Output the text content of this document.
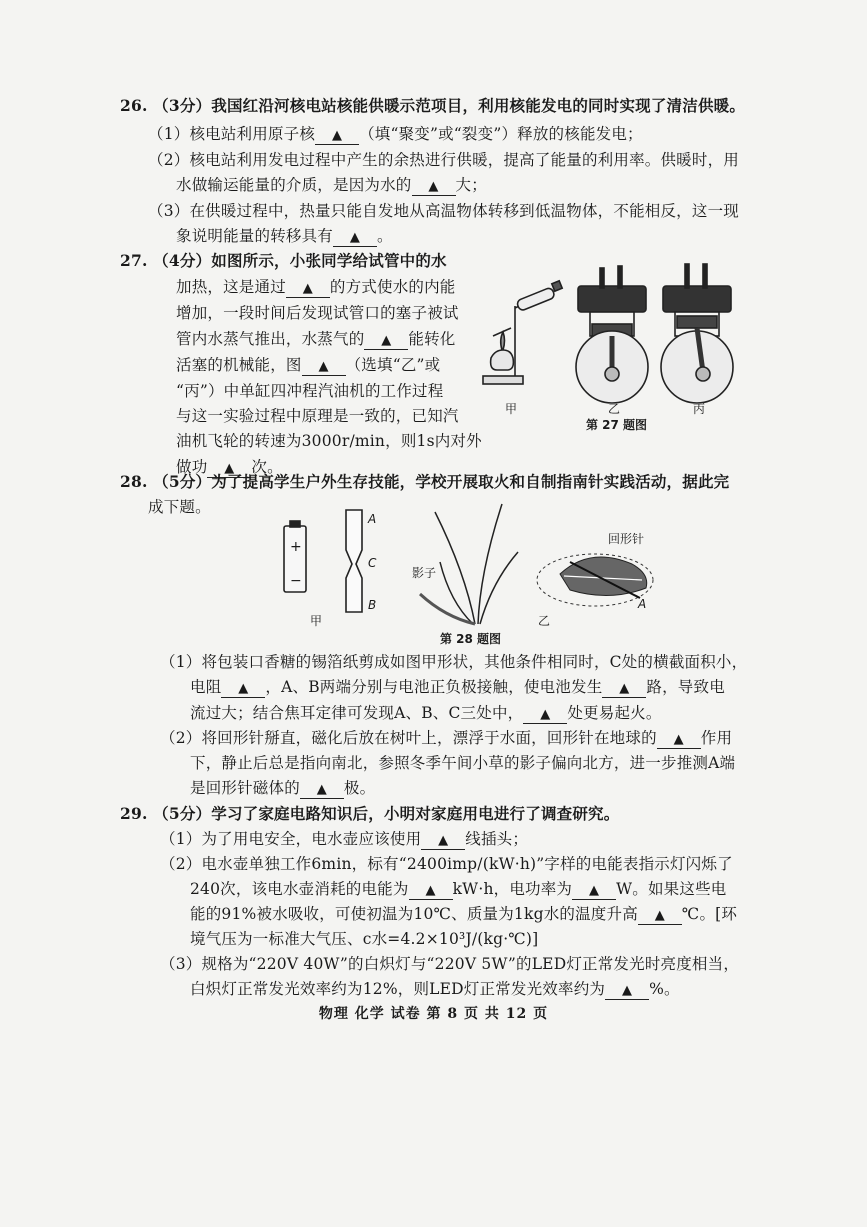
26. （3分）我国红沿河核电站核能供暖示范项目，利用核能发电的同时实现了清洁供暖。
（1）核电站利用原子核 ▲ （填“聚变”或“裂变”）释放的核能发电；
（2）核电站利用发电过程中产生的余热进行供暖，提高了能量的利用率。供暖时，用
水做输运能量的介质，是因为水的 ▲ 大；
（3）在供暖过程中，热量只能自发地从高温物体转移到低温物体，不能相反，这一现
象说明能量的转移具有 ▲ 。
27. （4分）如图所示，小张同学给试管中的水
加热，这是通过 ▲ 的方式使水的内能
增加，一段时间后发现试管口的塞子被试
管内水蒸气推出，水蒸气的 ▲ 能转化
活塞的机械能，图 ▲ （选填“乙”或
“丙”）中单缸四冲程汽油机的工作过程
与这一实验过程中原理是一致的，已知汽
油机飞轮的转速为3000r/min，则1s内对外
做功 ▲ 次。
甲	乙	丙
第 27 题图
28. （5分）为了提高学生户外生存技能，学校开展取火和自制指南针实践活动，据此完
成下题。
+
−
A
C
B
影子
回形针
A
甲	乙
第 28 题图
（1）将包装口香糖的锡箔纸剪成如图甲形状，其他条件相同时，C处的横截面积小，
电阻 ▲ ，A、B两端分别与电池正负极接触，使电池发生 ▲ 路，导致电
流过大；结合焦耳定律可发现A、B、C三处中， ▲ 处更易起火。
（2）将回形针掰直，磁化后放在树叶上，漂浮于水面，回形针在地球的 ▲ 作用
下，静止后总是指向南北，参照冬季午间小草的影子偏向北方，进一步推测A端
是回形针磁体的 ▲ 极。
29. （5分）学习了家庭电路知识后，小明对家庭用电进行了调查研究。
（1）为了用电安全，电水壶应该使用 ▲ 线插头；
（2）电水壶单独工作6min，标有“2400imp/(kW·h)”字样的电能表指示灯闪烁了
240次，该电水壶消耗的电能为 ▲ kW·h，电功率为 ▲ W。如果这些电
能的91%被水吸收，可使初温为10℃、质量为1kg水的温度升高 ▲ ℃。[环
境气压为一标准大气压、c水=4.2×10³J/(kg·℃)]
（3）规格为“220V 40W”的白炽灯与“220V 5W”的LED灯正常发光时亮度相当，
白炽灯正常发光效率约为12%，则LED灯正常发光效率约为 ▲ %。
物理 化学 试卷 第 8 页 共 12 页
